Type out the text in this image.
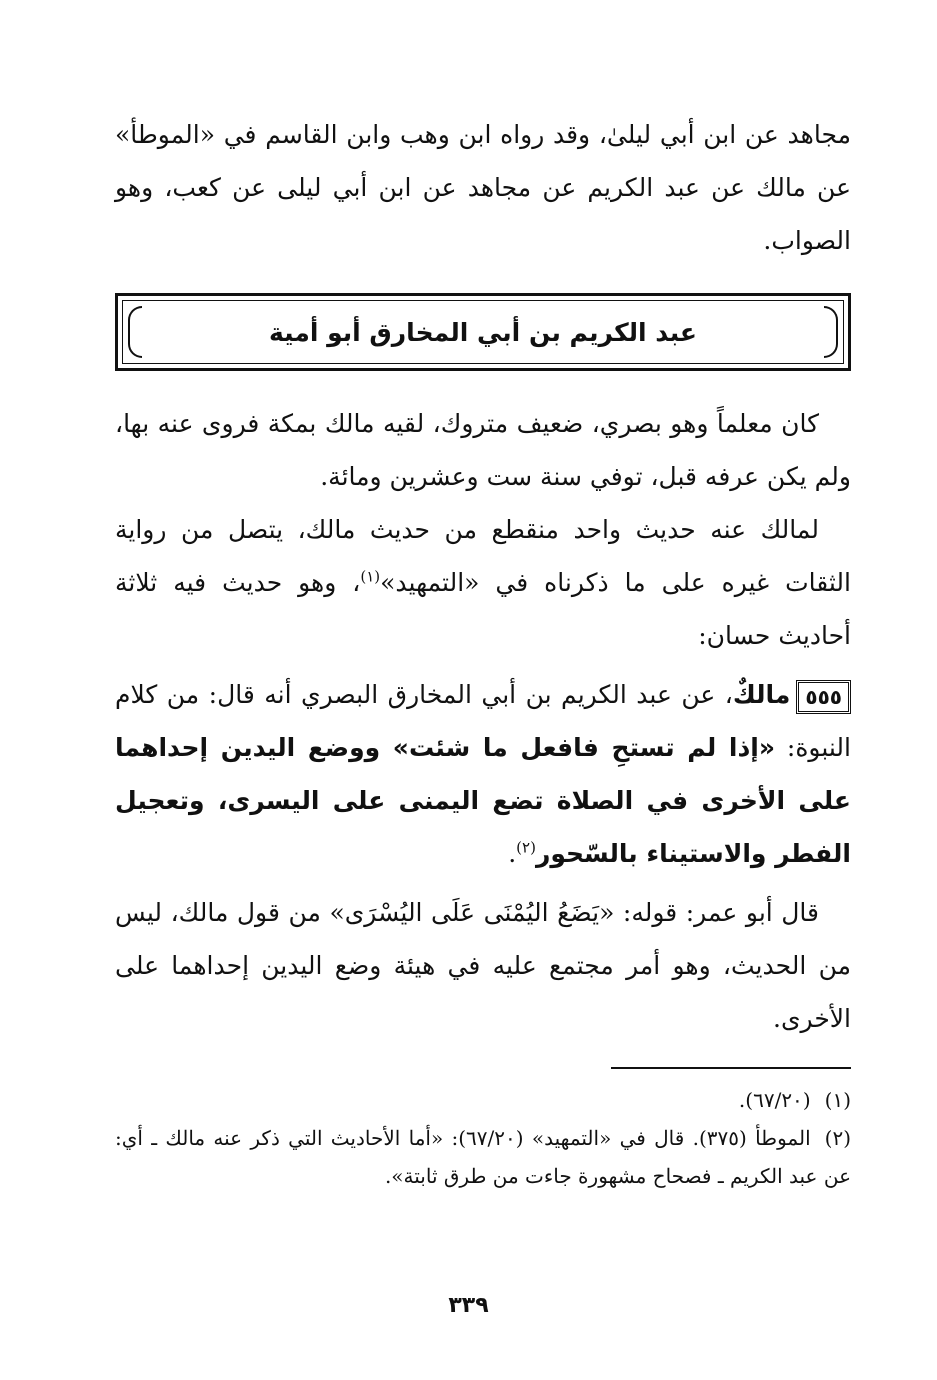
مجاهد عن ابن أبي ليلىٰ، وقد رواه ابن وهب وابن القاسم في «الموطأ» عن مالك عن عبد الكريم عن مجاهد عن ابن أبي ليلى عن كعب، وهو الصواب.

عبد الكريم بن أبي المخارق أبو أمية

كان معلماً وهو بصري، ضعيف متروك، لقيه مالك بمكة فروى عنه بها، ولم يكن عرفه قبل، توفي سنة ست وعشرين ومائة.

لمالك عنه حديث واحد منقطع من حديث مالك، يتصل من رواية الثقات غيره على ما ذكرناه في «التمهيد»$^{(١)}$، وهو حديث فيه ثلاثة أحاديث حسان:

٥٥٥مالكٌ، عن عبد الكريم بن أبي المخارق البصري أنه قال: من كلام النبوة: «إذا لم تستحِ فافعل ما شئت» ووضع اليدين إحداهما على الأخرى في الصلاة تضع اليمنى على اليسرى، وتعجيل الفطر والاستيناء بالسّحور$^{(٢)}$.

قال أبو عمر: قوله: «يَضَعُ اليُمْنَى عَلَى اليُسْرَى» من قول مالك، ليس من الحديث، وهو أمر مجتمع عليه في هيئة وضع اليدين إحداهما على الأخرى.

(١)(٦٧/٢٠).

(٢)الموطأ (٣٧٥). قال في «التمهيد» (٦٧/٢٠): «أما الأحاديث التي ذكر عنه مالك ـ أي: عن عبد الكريم ـ فصحاح مشهورة جاءت من طرق ثابتة».

٣٣٩
